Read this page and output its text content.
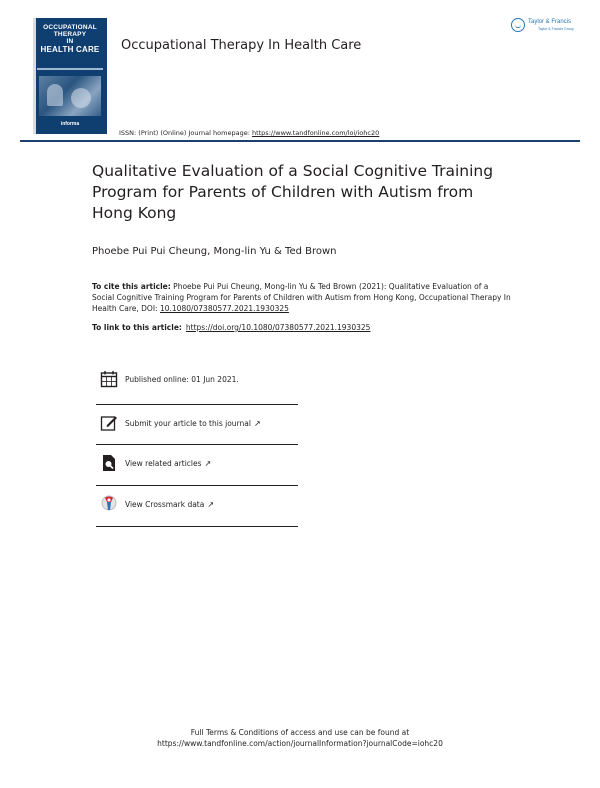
OCCUPATIONAL
THERAPY
IN
HEALTH CARE
informa
Occupational Therapy In Health Care
Taylor & Francis
Taylor & Francis Group
ISSN: (Print) (Online) Journal homepage: https://www.tandfonline.com/loi/iohc20
Qualitative Evaluation of a Social Cognitive Training Program for Parents of Children with Autism from Hong Kong
Phoebe Pui Pui Cheung, Mong-lin Yu & Ted Brown
To cite this article: Phoebe Pui Pui Cheung, Mong-lin Yu & Ted Brown (2021): Qualitative Evaluation of a Social Cognitive Training Program for Parents of Children with Autism from Hong Kong, Occupational Therapy In Health Care, DOI: 10.1080/07380577.2021.1930325
To link to this article: https://doi.org/10.1080/07380577.2021.1930325
Published online: 01 Jun 2021.
Submit your article to this journal ↗
View related articles ↗
View Crossmark data ↗
Full Terms & Conditions of access and use can be found at
https://www.tandfonline.com/action/journalInformation?journalCode=iohc20
